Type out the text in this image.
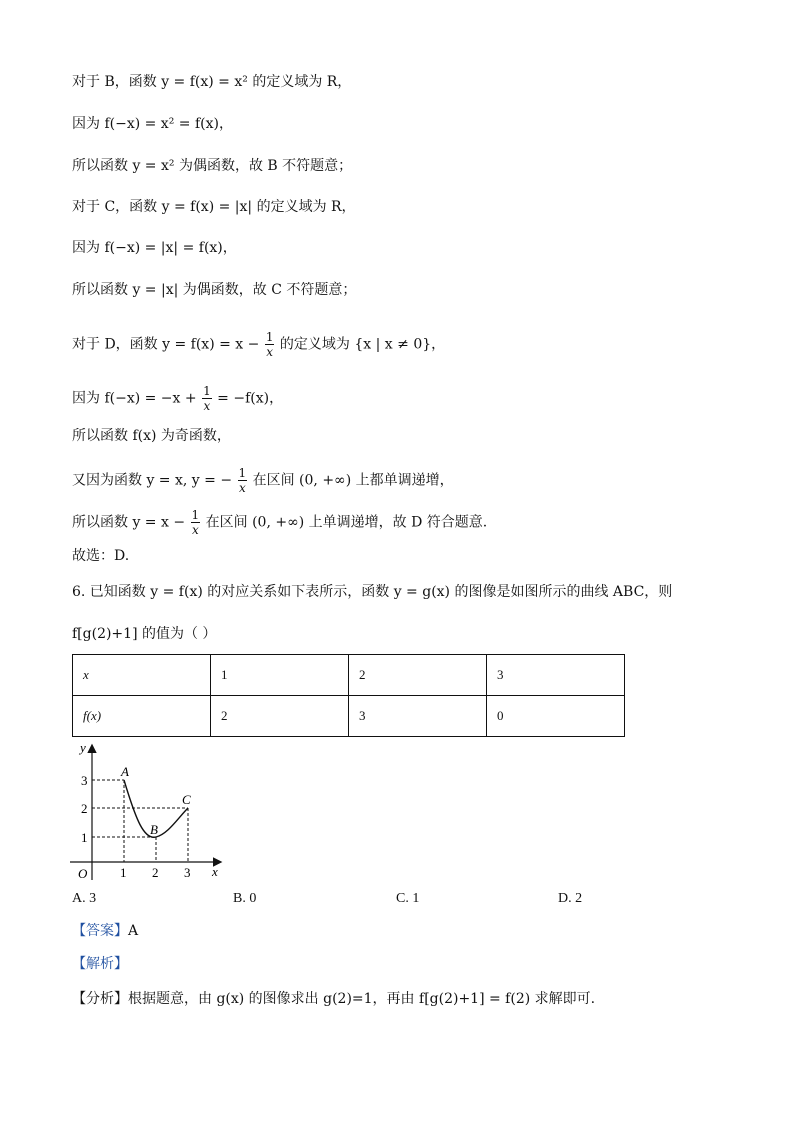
对于 B，函数 y = f(x) = x² 的定义域为 R，
因为 f(−x) = x² = f(x)，
所以函数 y = x² 为偶函数，故 B 不符题意；
对于 C，函数 y = f(x) = |x| 的定义域为 R，
因为 f(−x) = |x| = f(x)，
所以函数 y = |x| 为偶函数，故 C 不符题意；
对于 D，函数 $y = f(x) = x - \frac{1}{x}$ 的定义域为 {x | x ≠ 0}，
因为 $f(-x) = -x + \frac{1}{x} = -f(x)$，
所以函数 f(x) 为奇函数，
又因为函数 y = x, y = − $\frac{1}{x}$ 在区间 (0, +∞) 上都单调递增，
所以函数 $y = x - \frac{1}{x}$ 在区间 (0, +∞) 上单调递增，故 D 符合题意.
故选：D.
6. 已知函数 y = f(x) 的对应关系如下表所示，函数 y = g(x) 的图像是如图所示的曲线 ABC，则
f[g(2)+1] 的值为（ ）
x	1	2	3
f(x)	2	3	0
y
x
O
3
2
1
1 2 3
A
B
C
A. 3	B. 0	C. 1	D. 2
【答案】A
【解析】
【分析】根据题意，由 g(x) 的图像求出 g(2)=1，再由 f[g(2)+1] = f(2) 求解即可.
